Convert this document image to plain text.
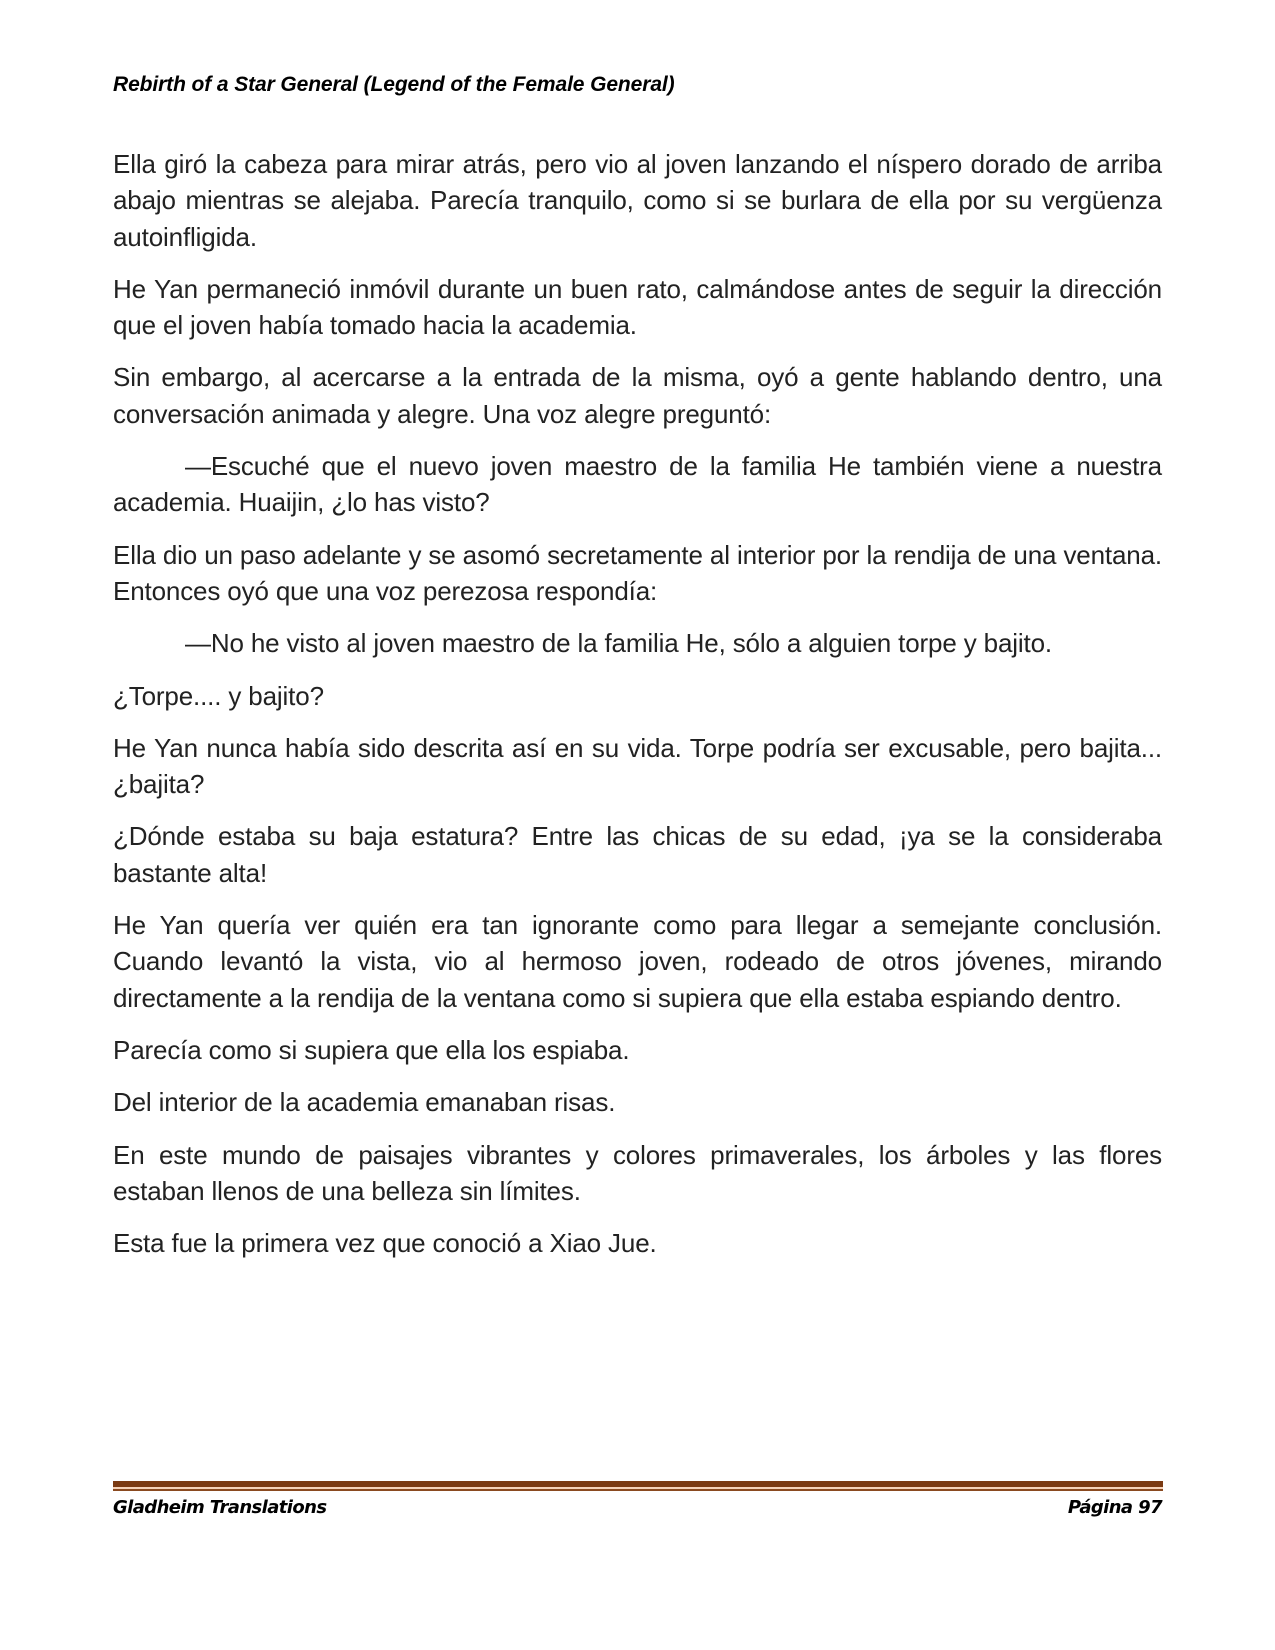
Rebirth of a Star General (Legend of the Female General)

Ella giró la cabeza para mirar atrás, pero vio al joven lanzando el níspero dorado de arriba abajo mientras se alejaba. Parecía tranquilo, como si se burlara de ella por su vergüenza autoinfligida.

He Yan permaneció inmóvil durante un buen rato, calmándose antes de seguir la dirección que el joven había tomado hacia la academia.

Sin embargo, al acercarse a la entrada de la misma, oyó a gente hablando dentro, una conversación animada y alegre. Una voz alegre preguntó:

—Escuché que el nuevo joven maestro de la familia He también viene a nuestra academia. Huaijin, ¿lo has visto?

Ella dio un paso adelante y se asomó secretamente al interior por la rendija de una ventana. Entonces oyó que una voz perezosa respondía:

—No he visto al joven maestro de la familia He, sólo a alguien torpe y bajito.

¿Torpe.... y bajito?

He Yan nunca había sido descrita así en su vida. Torpe podría ser excusable, pero bajita... ¿bajita?

¿Dónde estaba su baja estatura? Entre las chicas de su edad, ¡ya se la consideraba bastante alta!

He Yan quería ver quién era tan ignorante como para llegar a semejante conclusión. Cuando levantó la vista, vio al hermoso joven, rodeado de otros jóvenes, mirando directamente a la rendija de la ventana como si supiera que ella estaba espiando dentro.

Parecía como si supiera que ella los espiaba.

Del interior de la academia emanaban risas.

En este mundo de paisajes vibrantes y colores primaverales, los árboles y las flores estaban llenos de una belleza sin límites.

Esta fue la primera vez que conoció a Xiao Jue.

Gladheim Translations	Página 97
